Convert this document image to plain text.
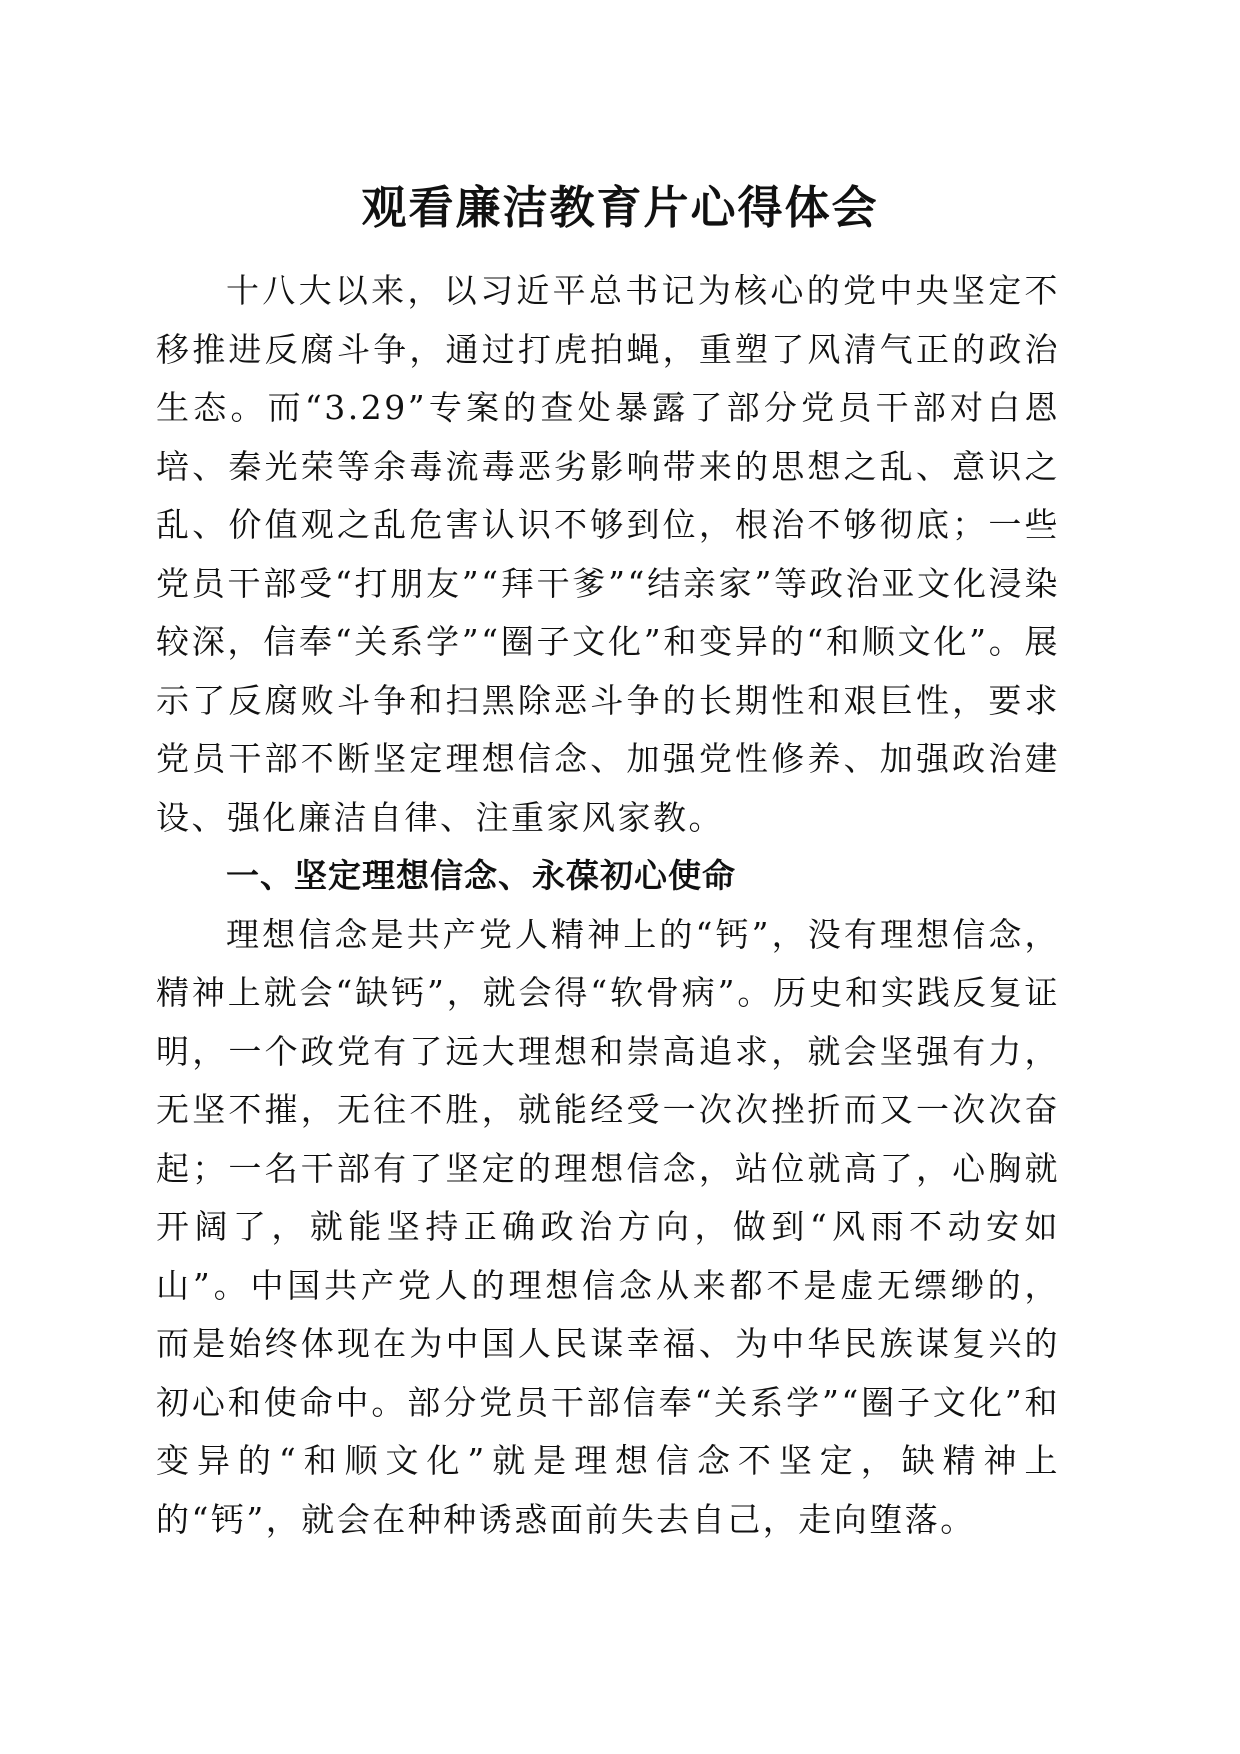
观看廉洁教育片心得体会

十八大以来，以习近平总书记为核心的党中央坚定不移推进反腐斗争，通过打虎拍蝇，重塑了风清气正的政治生态。而“3.29”专案的查处暴露了部分党员干部对白恩培、秦光荣等余毒流毒恶劣影响带来的思想之乱、意识之乱、价值观之乱危害认识不够到位，根治不够彻底；一些党员干部受“打朋友”“拜干爹”“结亲家”等政治亚文化浸染较深，信奉“关系学”“圈子文化”和变异的“和顺文化”。展示了反腐败斗争和扫黑除恶斗争的长期性和艰巨性，要求党员干部不断坚定理想信念、加强党性修养、加强政治建设、强化廉洁自律、注重家风家教。

一、坚定理想信念、永葆初心使命

理想信念是共产党人精神上的“钙”，没有理想信念，精神上就会“缺钙”，就会得“软骨病”。历史和实践反复证明，一个政党有了远大理想和崇高追求，就会坚强有力，无坚不摧，无往不胜，就能经受一次次挫折而又一次次奋起；一名干部有了坚定的理想信念，站位就高了，心胸就开阔了，就能坚持正确政治方向，做到“风雨不动安如山”。中国共产党人的理想信念从来都不是虚无缥缈的，而是始终体现在为中国人民谋幸福、为中华民族谋复兴的初心和使命中。部分党员干部信奉“关系学”“圈子文化”和变异的“和顺文化”就是理想信念不坚定，缺精神上的“钙”，就会在种种诱惑面前失去自己，走向堕落。
